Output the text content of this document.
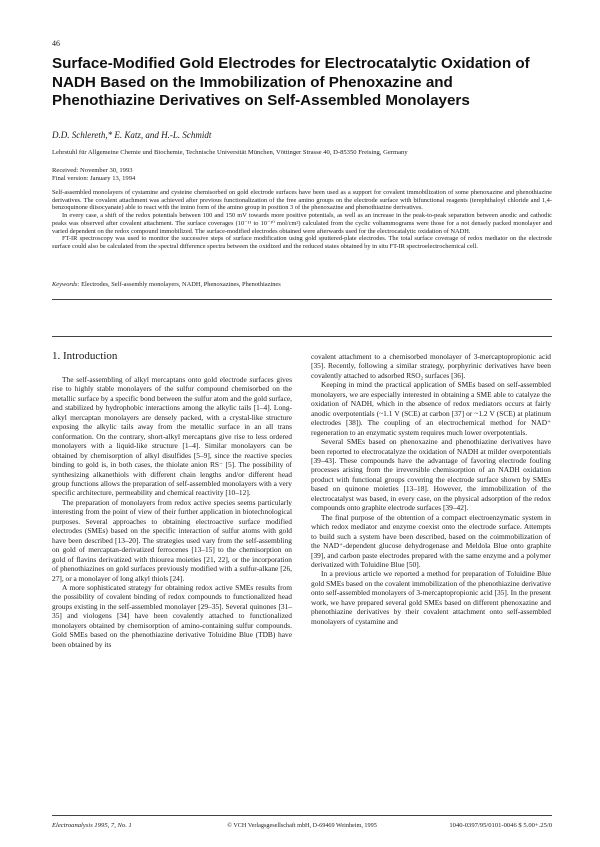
46
Surface-Modified Gold Electrodes for Electrocatalytic Oxidation of NADH Based on the Immobilization of Phenoxazine and Phenothiazine Derivatives on Self-Assembled Monolayers
D.D. Schlereth,* E. Katz, and H.-L. Schmidt
Lehrstuhl für Allgemeine Chemie und Biochemie, Technische Universität München, Vöttinger Strasse 40, D-85350 Freising, Germany
Received: November 30, 1993
Final version: January 13, 1994

Self-assembled monolayers of cystamine and cysteine chemisorbed on gold electrode surfaces have been used as a support for covalent immobilization of some phenoxazine and phenothiazine derivatives. The covalent attachment was achieved after previous functionalization of the free amino groups on the electrode surface with bifunctional reagents (terephthaloyl chloride and 1,4-benzoquinone diisocyanate) able to react with the imino form of the amino group in position 3 of the phenoxazine and phenothiazine derivatives.

In every case, a shift of the redox potentials between 100 and 150 mV towards more positive potentials, as well as an increase in the peak-to-peak separation between anodic and cathodic peaks was observed after covalent attachment. The surface coverages (10⁻¹¹ to 10⁻¹⁰ mol/cm²) calculated from the cyclic voltammograms were those for a not densely packed monolayer and varied dependent on the redox compound immobilized. The surface-modified electrodes obtained were afterwards used for the electrocatalytic oxidation of NADH.

FT-IR spectroscopy was used to monitor the successive steps of surface modification using gold sputtered-plate electrodes. The total surface coverage of redox mediator on the electrode surface could also be calculated from the spectral difference spectra between the oxidized and the reduced states obtained by in situ FT-IR spectroelectrochemical cell.

Keywords: Electrodes, Self-assembly monolayers, NADH, Phenoxazines, Phenothiazines
1. Introduction

The self-assembling of alkyl mercaptans onto gold electrode surfaces gives rise to highly stable monolayers of the sulfur compound chemisorbed on the metallic surface by a specific bond between the sulfur atom and the gold surface, and stabilized by hydrophobic interactions among the alkylic tails [1–4]. Long-alkyl mercaptan monolayers are densely packed, with a crystal-like structure exposing the alkylic tails away from the metallic surface in an all trans conformation. On the contrary, short-alkyl mercaptans give rise to less ordered monolayers with a liquid-like structure [1–4]. Similar monolayers can be obtained by chemisorption of alkyl disulfides [5–9], since the reactive species binding to gold is, in both cases, the thiolate anion RS⁻ [5]. The possibility of synthesizing alkanethiols with different chain lengths and/or different head group functions allows the preparation of self-assembled monolayers with a very specific architecture, permeability and chemical reactivity [10–12].

The preparation of monolayers from redox active species seems particularly interesting from the point of view of their further application in biotechnological purposes. Several approaches to obtaining electroactive surface modified electrodes (SMEs) based on the specific interaction of sulfur atoms with gold have been described [13–20]. The strategies used vary from the self-assembling on gold of mercaptan-derivatized ferrocenes [13–15] to the chemisorption on gold of flavins derivatized with thiourea moieties [21, 22], or the incorporation of phenothiazines on gold surfaces previously modified with a sulfur-alkane [26, 27], or a monolayer of long alkyl thiols [24].

A more sophisticated strategy for obtaining redox active SMEs results from the possibility of covalent binding of redox compounds to functionalized head groups existing in the self-assembled monolayer [29–35]. Several quinones [31–35] and viologens [34] have been covalently attached to functionalized monolayers obtained by chemisorption of amino-containing sulfur compounds. Gold SMEs based on the phenothiazine derivative Toluidine Blue (TDB) have been obtained by its

covalent attachment to a chemisorbed monolayer of 3-mercaptopropionic acid [35]. Recently, following a similar strategy, porphyrinic derivatives have been covalently attached to adsorbed RSO₂ surfaces [36].

Keeping in mind the practical application of SMEs based on self-assembled monolayers, we are especially interested in obtaining a SME able to catalyze the oxidation of NADH, which in the absence of redox mediators occurs at fairly anodic overpotentials (~1.1 V (SCE) at carbon [37] or ~1.2 V (SCE) at platinum electrodes [38]). The coupling of an electrochemical method for NAD⁺ regeneration to an enzymatic system requires much lower overpotentials.

Several SMEs based on phenoxazine and phenothiazine derivatives have been reported to electrocatalyze the oxidation of NADH at milder overpotentials [39–43]. These compounds have the advantage of favoring electrode fouling processes arising from the irreversible chemisorption of an NADH oxidation product with functional groups covering the electrode surface shown by SMEs based on quinone moieties [13–18]. However, the immobilization of the electrocatalyst was based, in every case, on the physical adsorption of the redox compounds onto graphite electrode surfaces [39–42].

The final purpose of the obtention of a compact electroenzymatic system in which redox mediator and enzyme coexist onto the electrode surface. Attempts to build such a system have been described, based on the coimmobilization of the NAD⁺-dependent glucose dehydrogenase and Meldola Blue onto graphite [39], and carbon paste electrodes prepared with the same enzyme and a polymer derivatized with Toluidine Blue [50].

In a previous article we reported a method for preparation of Toluidine Blue gold SMEs based on the covalent immobilization of the phenothiazine derivative onto self-assembled monolayers of 3-mercaptopropionic acid [35]. In the present work, we have prepared several gold SMEs based on different phenoxazine and phenothiazine derivatives by their covalent attachment onto self-assembled monolayers of cystamine and

Electroanalysis 1995, 7, No. 1	© VCH Verlagsgesellschaft mbH, D-69469 Weinheim, 1995	1040-0397/95/0101-0046 $ 5.00+.25/0
